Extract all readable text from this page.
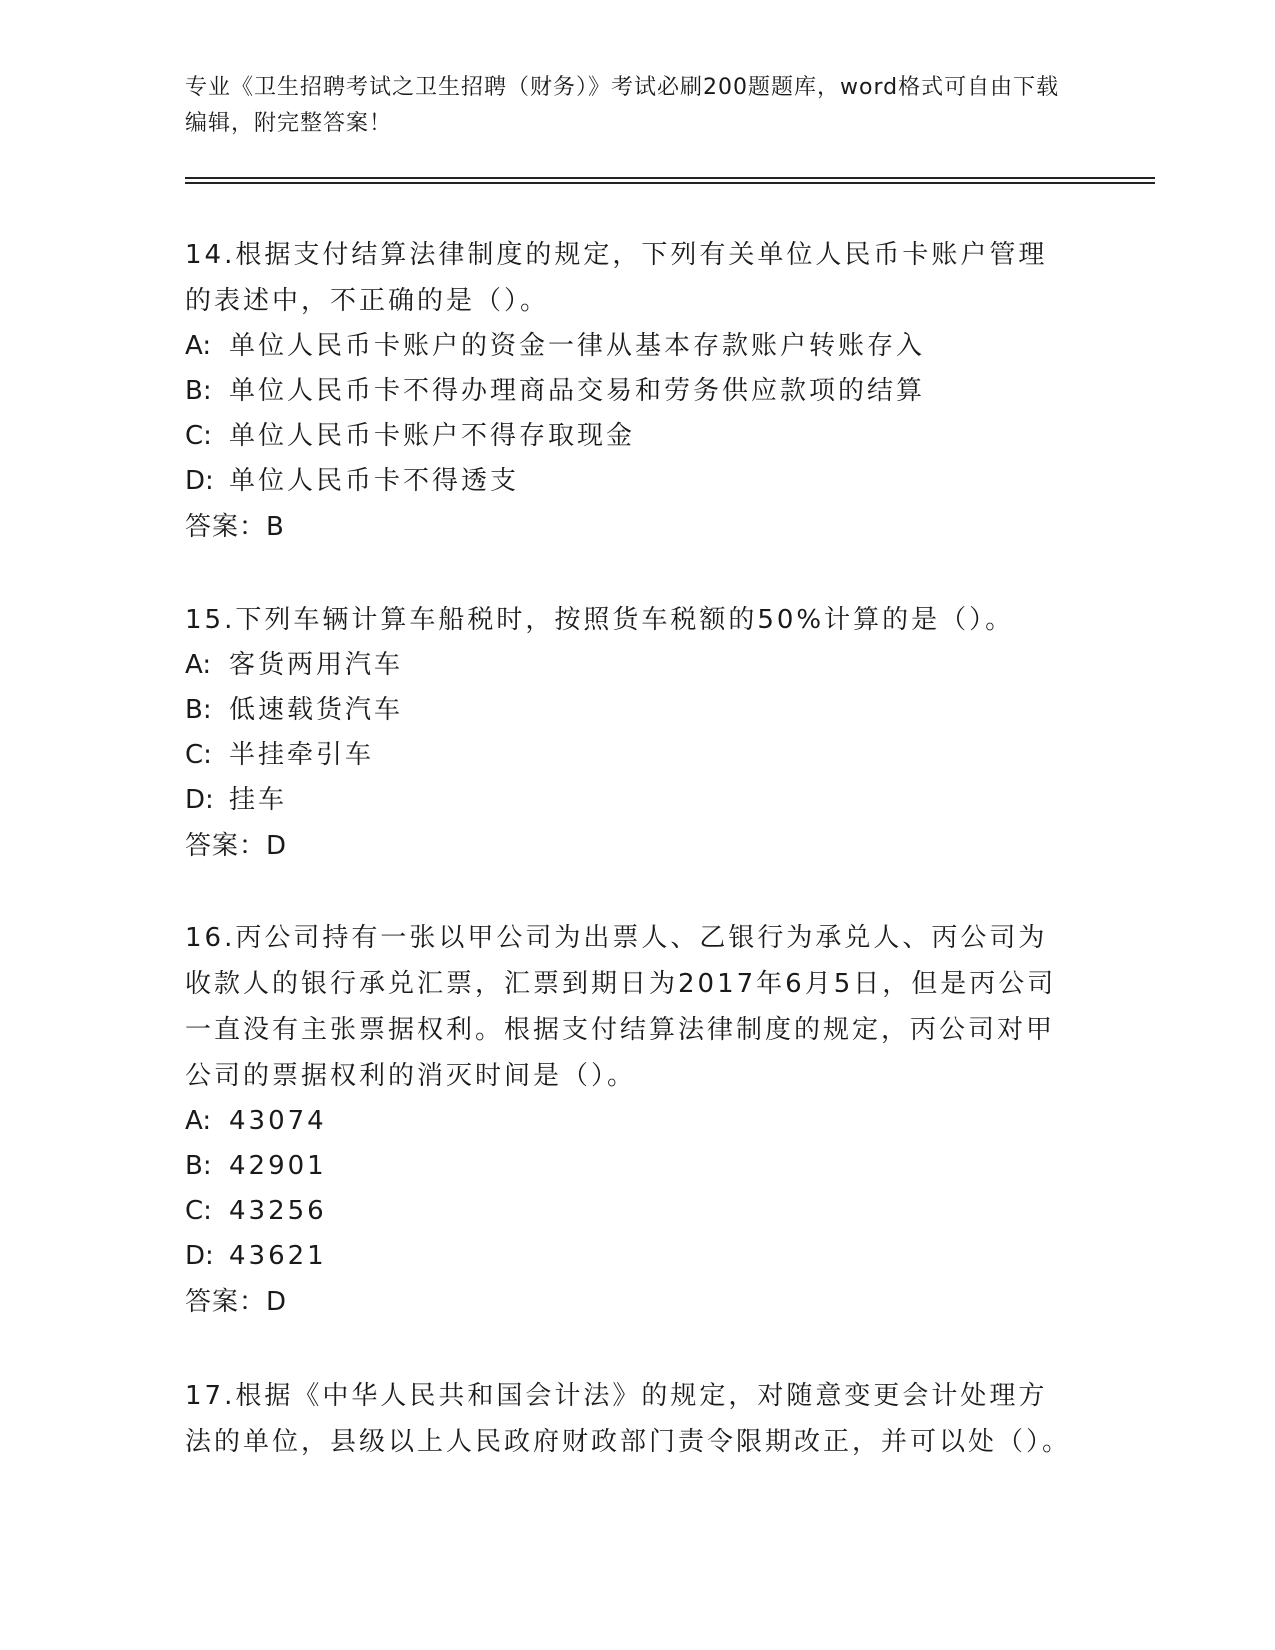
专业《卫生招聘考试之卫生招聘（财务）》考试必刷200题题库，word格式可自由下载编辑，附完整答案！

14.根据支付结算法律制度的规定，下列有关单位人民币卡账户管理的表述中，不正确的是（）。

A: 单位人民币卡账户的资金一律从基本存款账户转账存入

B: 单位人民币卡不得办理商品交易和劳务供应款项的结算

C: 单位人民币卡账户不得存取现金

D: 单位人民币卡不得透支

答案：B

15.下列车辆计算车船税时，按照货车税额的50%计算的是（）。

A: 客货两用汽车

B: 低速载货汽车

C: 半挂牵引车

D: 挂车

答案：D

16.丙公司持有一张以甲公司为出票人、乙银行为承兑人、丙公司为收款人的银行承兑汇票，汇票到期日为2017年6月5日，但是丙公司一直没有主张票据权利。根据支付结算法律制度的规定，丙公司对甲公司的票据权利的消灭时间是（）。

A: 43074

B: 42901

C: 43256

D: 43621

答案：D

17.根据《中华人民共和国会计法》的规定，对随意变更会计处理方法的单位，县级以上人民政府财政部门责令限期改正，并可以处（）。
